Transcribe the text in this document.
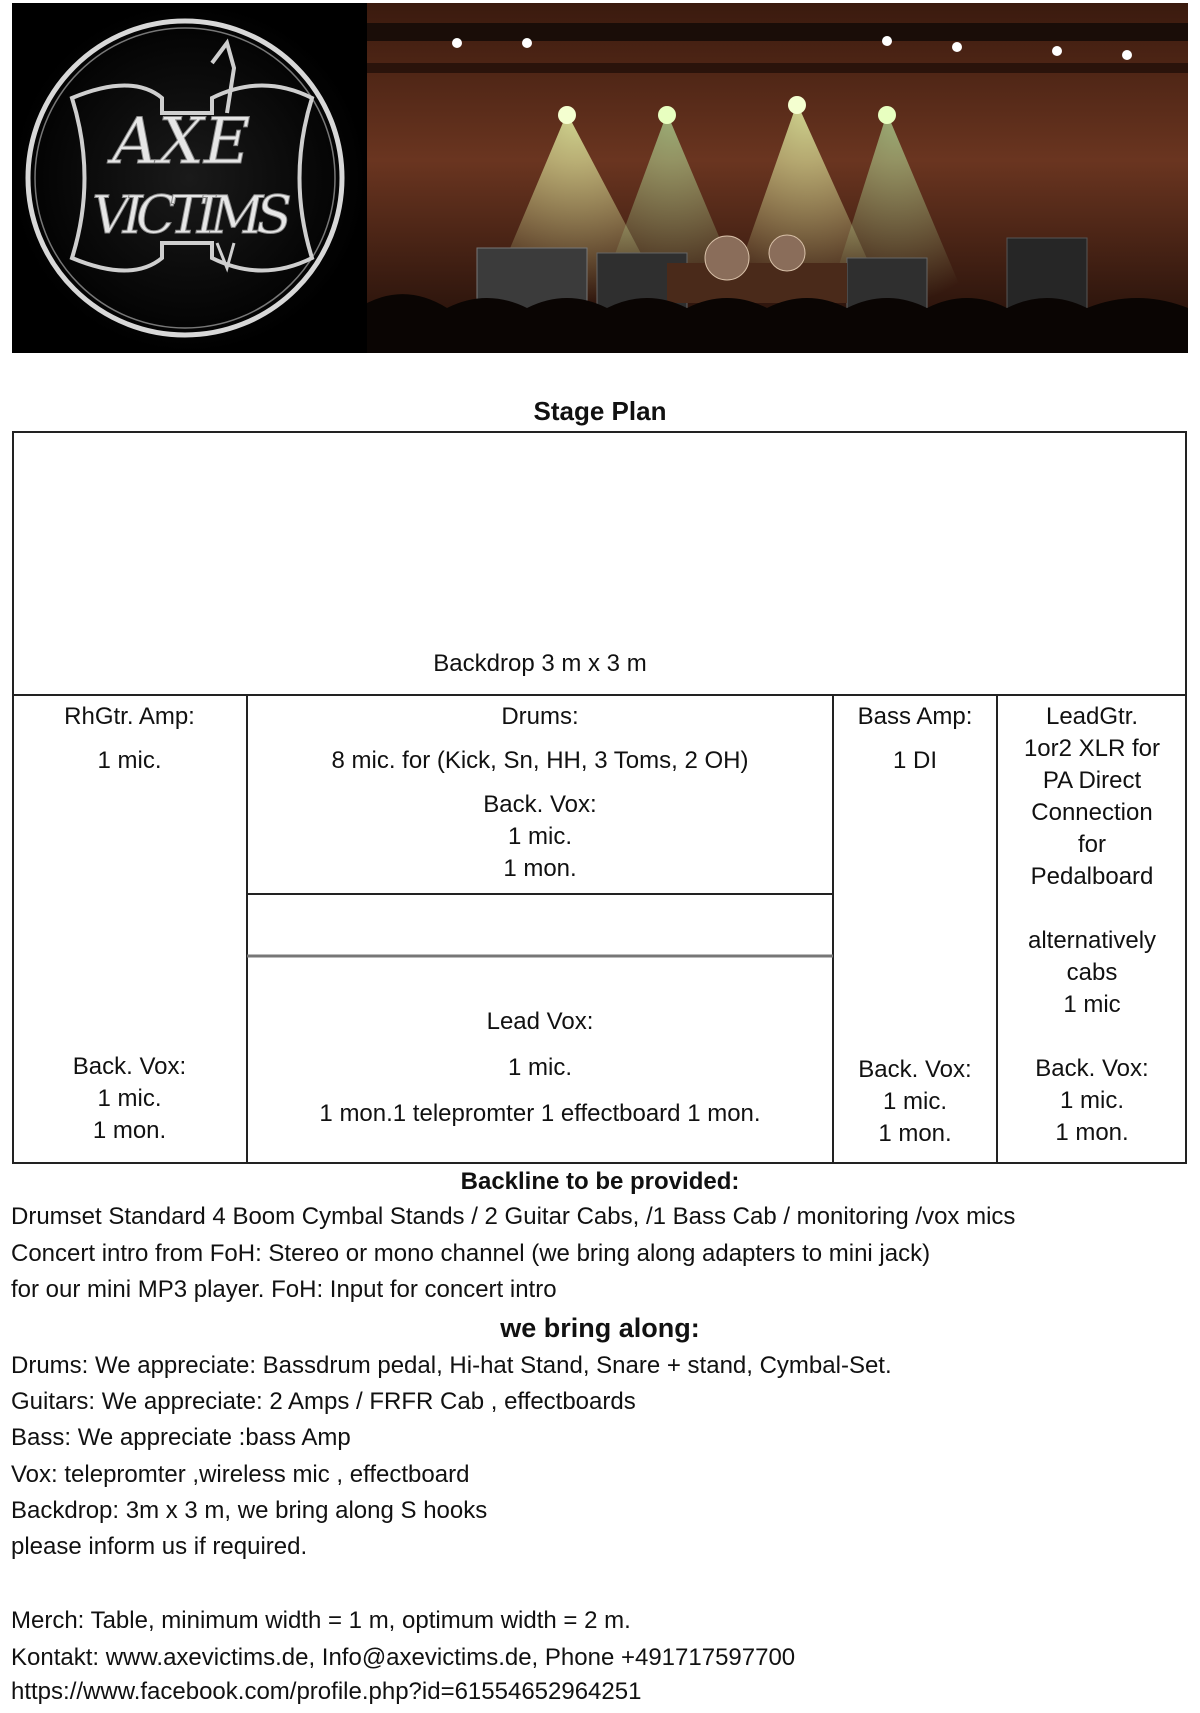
AXE
VICTIMS
Stage Plan
Backdrop 3 m x 3 m
RhGtr. Amp:
1 mic.
Back. Vox:
1 mic.
1 mon.
Drums:
8 mic. for (Kick, Sn, HH, 3 Toms, 2 OH)
Back. Vox:
1 mic.
1 mon.
Lead Vox:
1 mic.
1 mon.1 telepromter 1 effectboard 1 mon.
Bass Amp:
1 DI
Back. Vox:
1 mic.
1 mon.
LeadGtr.
1or2 XLR for
PA Direct
Connection
for
Pedalboard
alternatively
cabs
1 mic
Back. Vox:
1 mic.
1 mon.
Backline to be provided:
Drumset Standard 4 Boom Cymbal Stands / 2 Guitar Cabs, /1 Bass Cab / monitoring /vox mics
Concert intro from FoH: Stereo or mono channel (we bring along adapters to mini jack)
for our mini MP3 player. FoH: Input for concert intro
we bring along:
Drums: We appreciate: Bassdrum pedal, Hi-hat Stand, Snare + stand, Cymbal-Set.
Guitars: We appreciate: 2 Amps / FRFR Cab , effectboards
Bass: We appreciate :bass Amp
Vox: telepromter ,wireless mic , effectboard
Backdrop: 3m x 3 m, we bring along S hooks
please inform us if required.
Merch: Table, minimum width = 1 m, optimum width = 2 m.
Kontakt: www.axevictims.de, Info@axevictims.de, Phone +491717597700
https://www.facebook.com/profile.php?id=61554652964251
